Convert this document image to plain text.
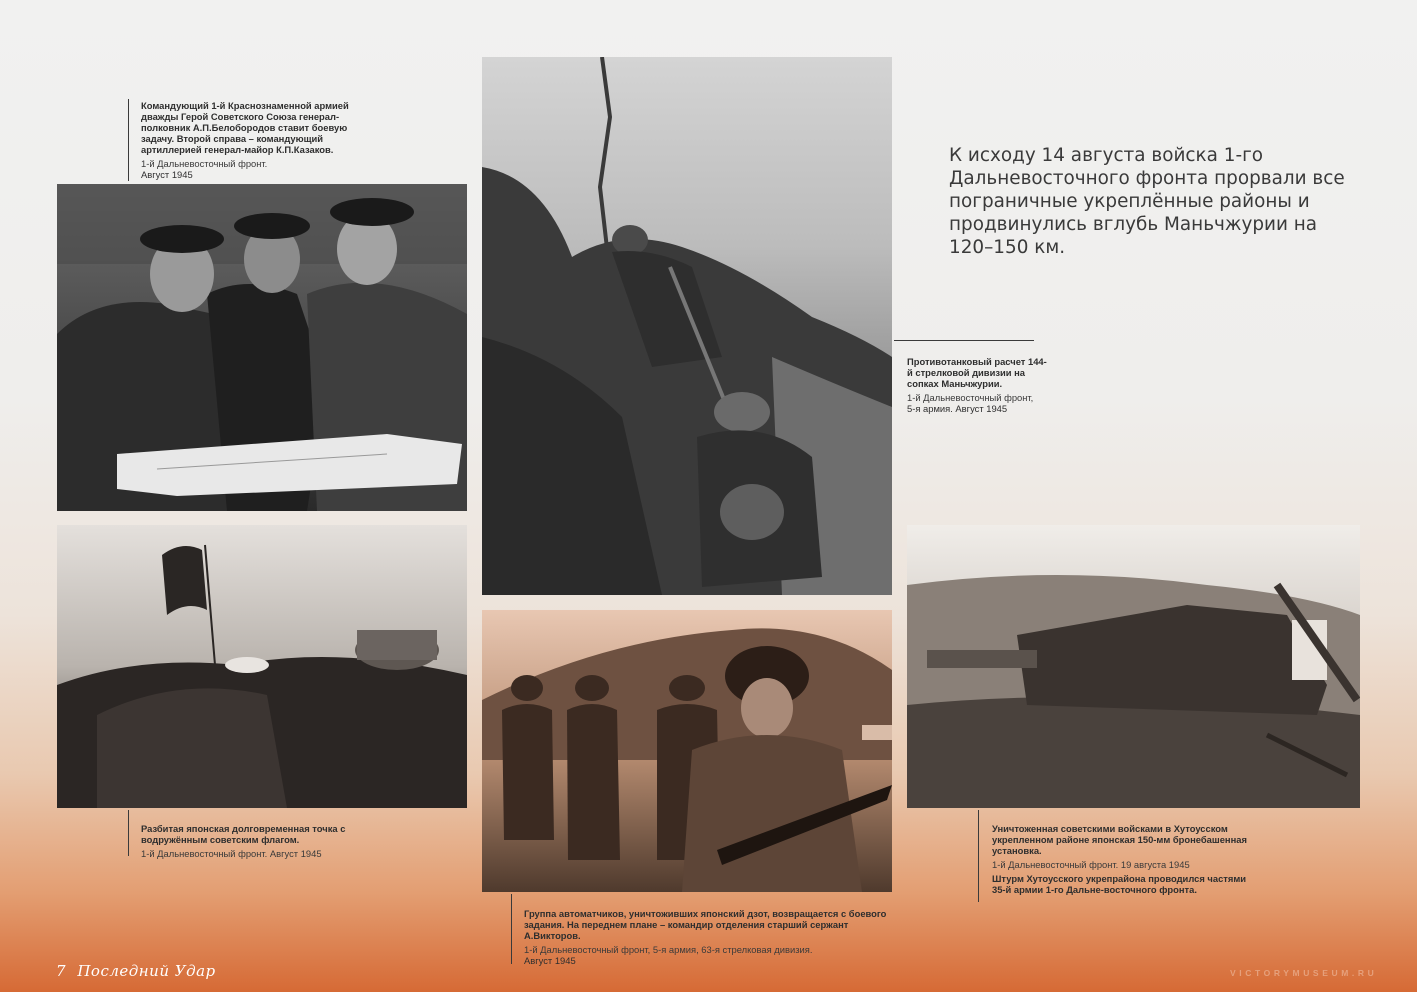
Командующий 1-й Краснознаменной армией дважды Герой Советского Союза генерал-полковник А.П.Белобородов ставит боевую задачу. Второй справа – командующий артиллерией генерал-майор К.П.Казаков.
1-й Дальневосточный фронт.
Август 1945
Противотанковый расчет 144-й стрелковой дивизии на сопках Маньчжурии.
1-й Дальневосточный фронт,
5-я армия. Август 1945
К исходу 14 августа войска 1-го Дальневосточного фронта прорвали все пограничные укреплённые районы и продвинулись вглубь Маньчжурии на 120–150 км.
Разбитая японская долговременная точка с водружённым советским флагом.
1-й Дальневосточный фронт. Август 1945
Группа автоматчиков, уничтоживших японский дзот, возвращается с боевого задания. На переднем плане – командир отделения старший сержант А.Викторов.
1-й Дальневосточный фронт, 5-я армия, 63-я стрелковая дивизия.
Август 1945
Уничтоженная советскими войсками в Хутоусском укрепленном районе японская 150-мм бронебашенная установка.
1-й Дальневосточный фронт. 19 августа 1945
Штурм Хутоусского укрепрайона проводился частями 35-й армии 1-го Дальне-восточного фронта.
7 Последний Удар	VICTORYMUSEUM.RU
